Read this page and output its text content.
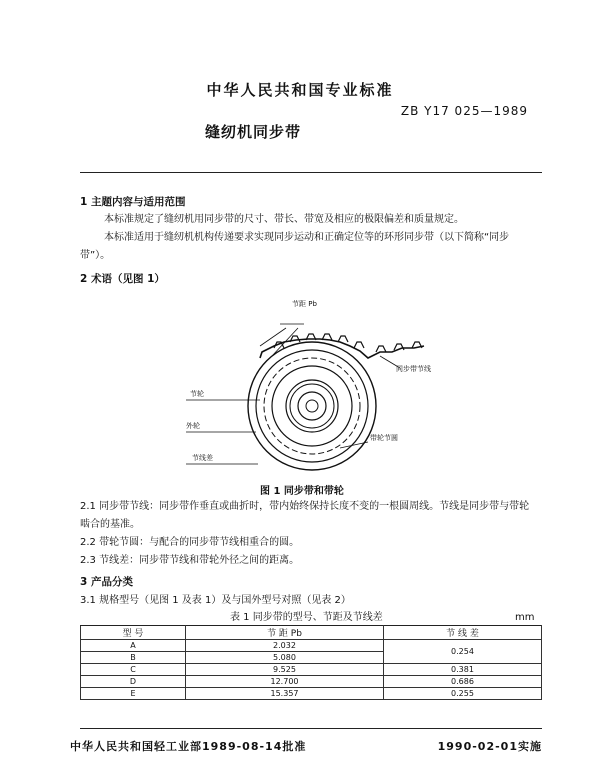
中华人民共和国专业标准
ZB Y17 025—1989
缝纫机同步带
1 主题内容与适用范围
本标准规定了缝纫机用同步带的尺寸、带长、带宽及相应的极限偏差和质量规定。
本标准适用于缝纫机机构传递要求实现同步运动和正确定位等的环形同步带（以下简称“同步
带”）。
2 术语（见图 1）
节距 Pb
同步带节线
节轮
外轮
带轮节圆
节线差
图 1 同步带和带轮
2.1 同步带节线：同步带作垂直或曲折时，带内始终保持长度不变的一根圆周线。节线是同步带与带轮
啮合的基准。
2.2 带轮节圆：与配合的同步带节线相重合的圆。
2.3 节线差：同步带节线和带轮外径之间的距离。
3 产品分类
3.1 规格型号（见图 1 及表 1）及与国外型号对照（见表 2）
表 1 同步带的型号、节距及节线差	mm
型 号	节 距 Pb	节 线 差
A	2.032	0.254
B	5.080	
C	9.525	0.381
D	12.700	0.686
E	15.357	0.255
中华人民共和国轻工业部1989-08-14批准	1990-02-01实施
